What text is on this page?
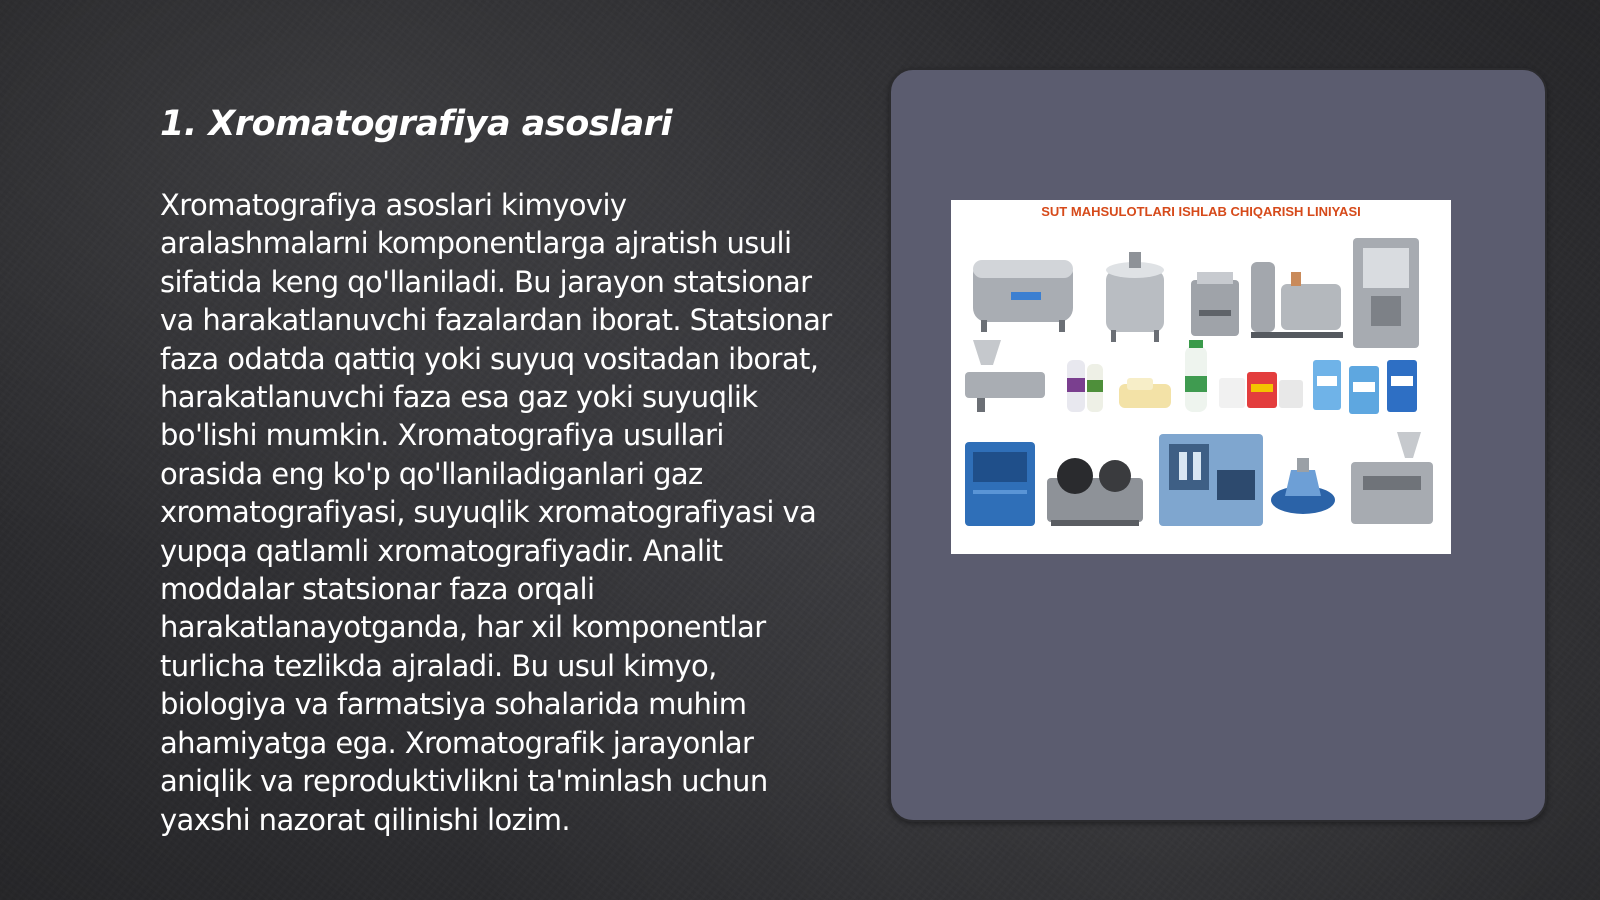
1. Xromatografiya asoslari

Xromatografiya asoslari kimyoviy aralashmalarni komponentlarga ajratish usuli sifatida keng qo'llaniladi. Bu jarayon statsionar va harakatlanuvchi fazalardan iborat. Statsionar faza odatda qattiq yoki suyuq vositadan iborat, harakatlanuvchi faza esa gaz yoki suyuqlik bo'lishi mumkin. Xromatografiya usullari orasida eng ko'p qo'llaniladiganlari gaz xromatografiyasi, suyuqlik xromatografiyasi va yupqa qatlamli xromatografiyadir. Analit moddalar statsionar faza orqali harakatlanayotganda, har xil komponentlar turlicha tezlikda ajraladi. Bu usul kimyo, biologiya va farmatsiya sohalarida muhim ahamiyatga ega. Xromatografik jarayonlar aniqlik va reproduktivlikni ta'minlash uchun yaxshi nazorat qilinishi lozim.

SUT MAHSULOTLARI ISHLAB CHIQARISH LINIYASI
